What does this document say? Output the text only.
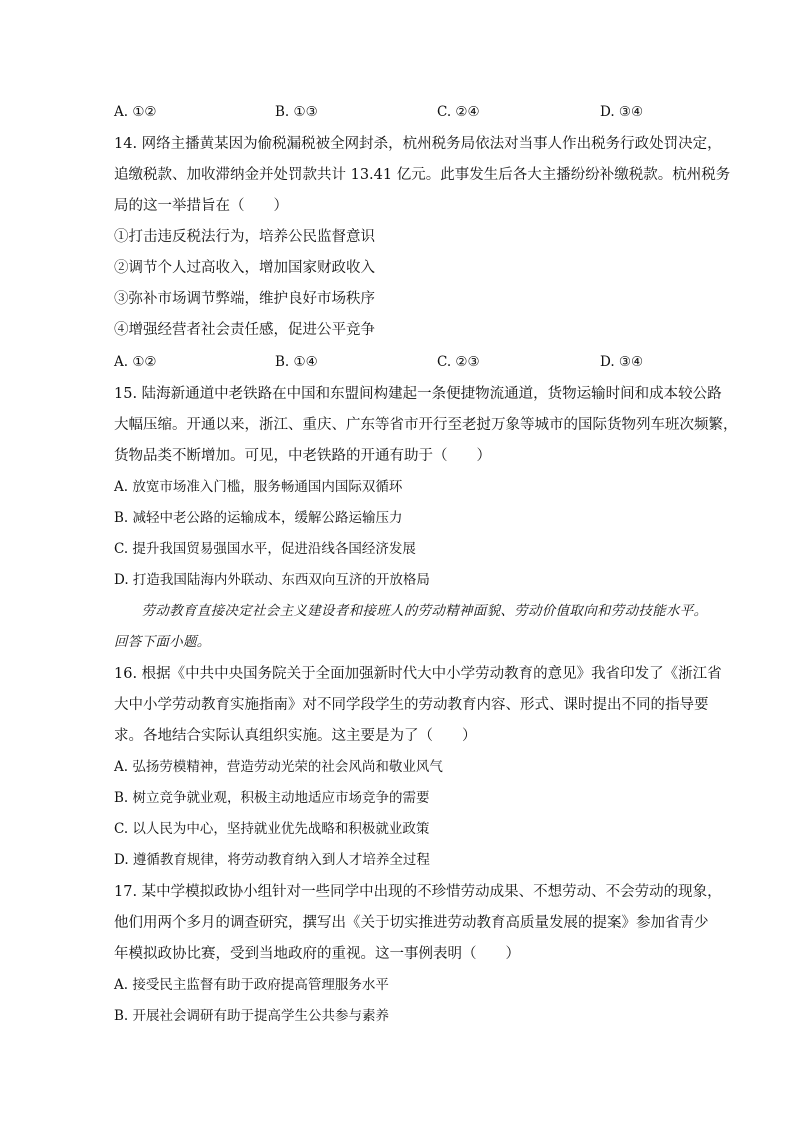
A. ①②	B. ①③	C. ②④	D. ③④
14. 网络主播黄某因为偷税漏税被全网封杀，杭州税务局依法对当事人作出税务行政处罚决定，
追缴税款、加收滞纳金并处罚款共计 13.41 亿元。此事发生后各大主播纷纷补缴税款。杭州税务
局的这一举措旨在（　　）
①打击违反税法行为，培养公民监督意识
②调节个人过高收入，增加国家财政收入
③弥补市场调节弊端，维护良好市场秩序
④增强经营者社会责任感，促进公平竞争
A. ①②	B. ①④	C. ②③	D. ③④
15. 陆海新通道中老铁路在中国和东盟间构建起一条便捷物流通道，货物运输时间和成本较公路
大幅压缩。开通以来，浙江、重庆、广东等省市开行至老挝万象等城市的国际货物列车班次频繁，
货物品类不断增加。可见，中老铁路的开通有助于（　　）
A. 放宽市场准入门槛，服务畅通国内国际双循环
B. 减轻中老公路的运输成本，缓解公路运输压力
C. 提升我国贸易强国水平，促进沿线各国经济发展
D. 打造我国陆海内外联动、东西双向互济的开放格局
　　劳动教育直接决定社会主义建设者和接班人的劳动精神面貌、劳动价值取向和劳动技能水平。
回答下面小题。
16. 根据《中共中央国务院关于全面加强新时代大中小学劳动教育的意见》我省印发了《浙江省
大中小学劳动教育实施指南》对不同学段学生的劳动教育内容、形式、课时提出不同的指导要
求。各地结合实际认真组织实施。这主要是为了（　　）
A. 弘扬劳模精神，营造劳动光荣的社会风尚和敬业风气
B. 树立竞争就业观，积极主动地适应市场竞争的需要
C. 以人民为中心，坚持就业优先战略和积极就业政策
D. 遵循教育规律，将劳动教育纳入到人才培养全过程
17. 某中学模拟政协小组针对一些同学中出现的不珍惜劳动成果、不想劳动、不会劳动的现象，
他们用两个多月的调查研究，撰写出《关于切实推进劳动教育高质量发展的提案》参加省青少
年模拟政协比赛，受到当地政府的重视。这一事例表明（　　）
A. 接受民主监督有助于政府提高管理服务水平
B. 开展社会调研有助于提高学生公共参与素养
